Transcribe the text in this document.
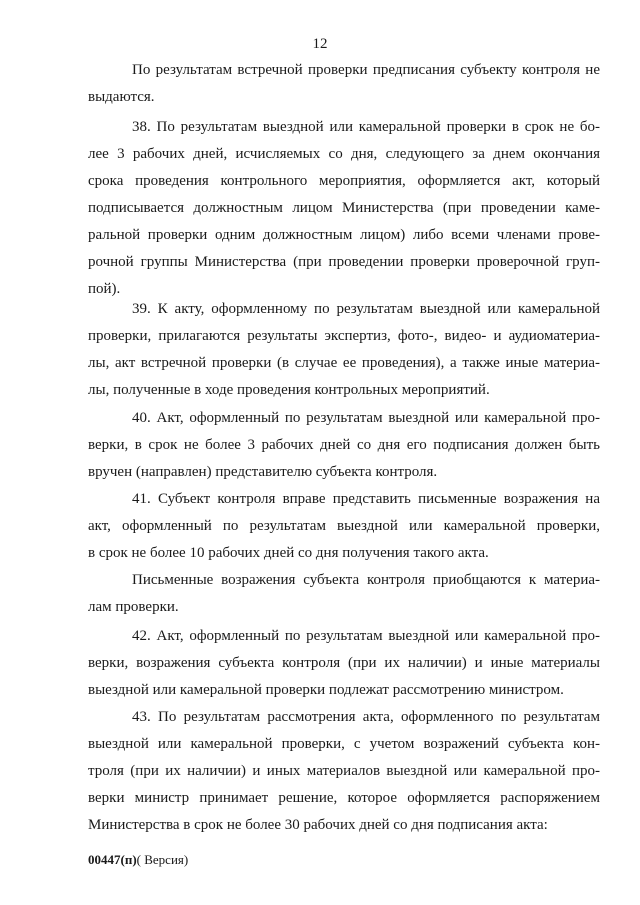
12
По результатам встречной проверки предписания субъекту контроля не
выдаются.
38. По результатам выездной или камеральной проверки в срок не бо-
лее 3 рабочих дней, исчисляемых со дня, следующего за днем окончания
срока проведения контрольного мероприятия, оформляется акт, который
подписывается должностным лицом Министерства (при проведении каме-
ральной проверки одним должностным лицом) либо всеми членами прове-
рочной группы Министерства (при проведении проверки проверочной груп-
пой).
39. К акту, оформленному по результатам выездной или камеральной
проверки, прилагаются результаты экспертиз, фото-, видео- и аудиоматериа-
лы, акт встречной проверки (в случае ее проведения), а также иные материа-
лы, полученные в ходе проведения контрольных мероприятий.
40. Акт, оформленный по результатам выездной или камеральной про-
верки, в срок не более 3 рабочих дней со дня его подписания должен быть
вручен (направлен) представителю субъекта контроля.
41. Субъект контроля вправе представить письменные возражения на
акт, оформленный по результатам выездной или камеральной проверки,
в срок не более 10 рабочих дней со дня получения такого акта.
Письменные возражения субъекта контроля приобщаются к материа-
лам проверки.
42. Акт, оформленный по результатам выездной или камеральной про-
верки, возражения субъекта контроля (при их наличии) и иные материалы
выездной или камеральной проверки подлежат рассмотрению министром.
43. По результатам рассмотрения акта, оформленного по результатам
выездной или камеральной проверки, с учетом возражений субъекта кон-
троля (при их наличии) и иных материалов выездной или камеральной про-
верки министр принимает решение, которое оформляется распоряжением
Министерства в срок не более 30 рабочих дней со дня подписания акта:
00447(п)( Версия)
